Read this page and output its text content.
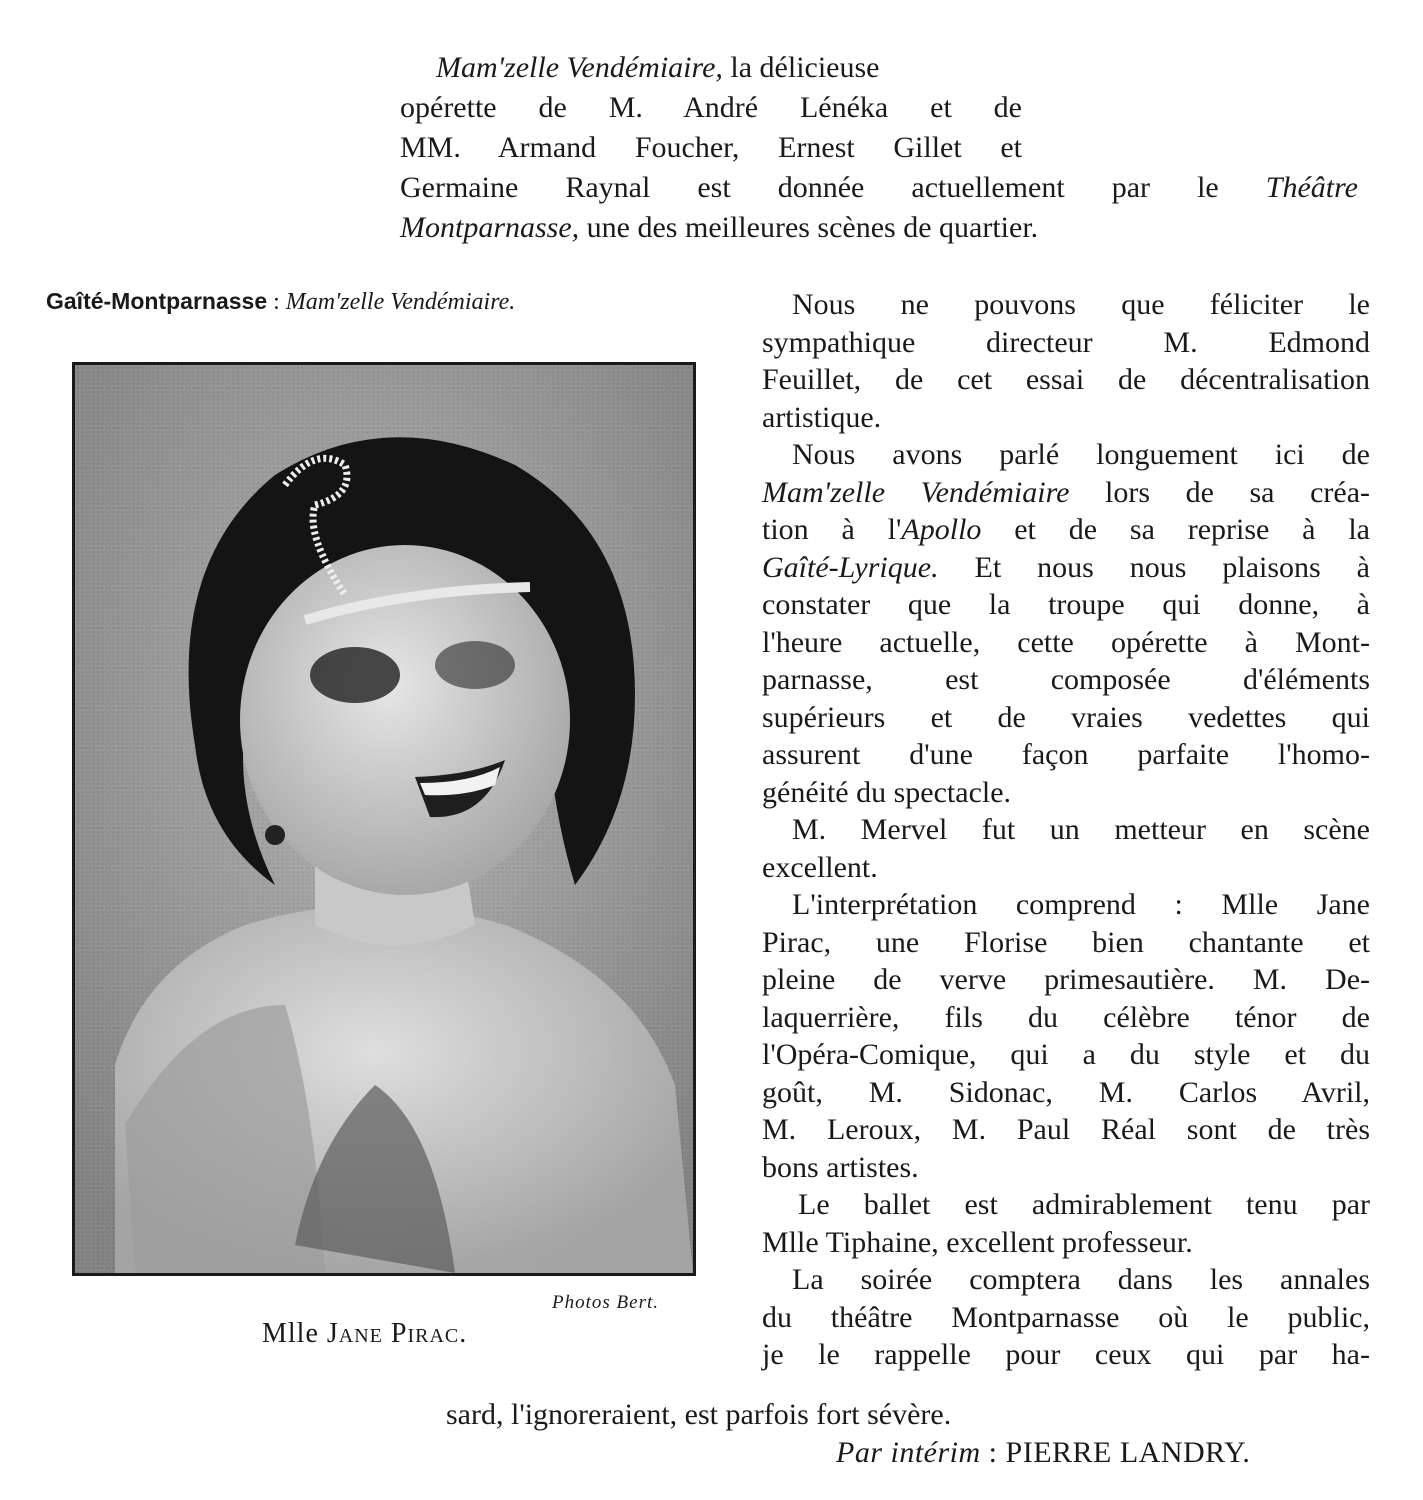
Mam'zelle Vendémiaire, la délicieuse
opérette de M. André Lénéka et de
MM. Armand Foucher, Ernest Gillet et
Germaine Raynal est donnée actuellement par le Théâtre
Montparnasse, une des meilleures scènes de quartier.
Gaîté-Montparnasse : Mam'zelle Vendémiaire.
Photos Bert.
Mlle Jane Pirac.
Nous ne pouvons que féliciter le
sympathique directeur M. Edmond
Feuillet, de cet essai de décentralisation
artistique.
Nous avons parlé longuement ici de
Mam'zelle Vendémiaire lors de sa créa-
tion à l'Apollo et de sa reprise à la
Gaîté-Lyrique. Et nous nous plaisons à
constater que la troupe qui donne, à
l'heure actuelle, cette opérette à Mont-
parnasse, est composée d'éléments
supérieurs et de vraies vedettes qui
assurent d'une façon parfaite l'homo-
généité du spectacle.
M. Mervel fut un metteur en scène
excellent.
L'interprétation comprend : Mlle Jane
Pirac, une Florise bien chantante et
pleine de verve primesautière. M. De-
laquerrière, fils du célèbre ténor de
l'Opéra-Comique, qui a du style et du
goût, M. Sidonac, M. Carlos Avril,
M. Leroux, M. Paul Réal sont de très
bons artistes.
Le ballet est admirablement tenu par
Mlle Tiphaine, excellent professeur.
La soirée comptera dans les annales
du théâtre Montparnasse où le public,
je le rappelle pour ceux qui par ha-
sard, l'ignoreraient, est parfois fort sévère.
Par intérim : PIERRE LANDRY.
